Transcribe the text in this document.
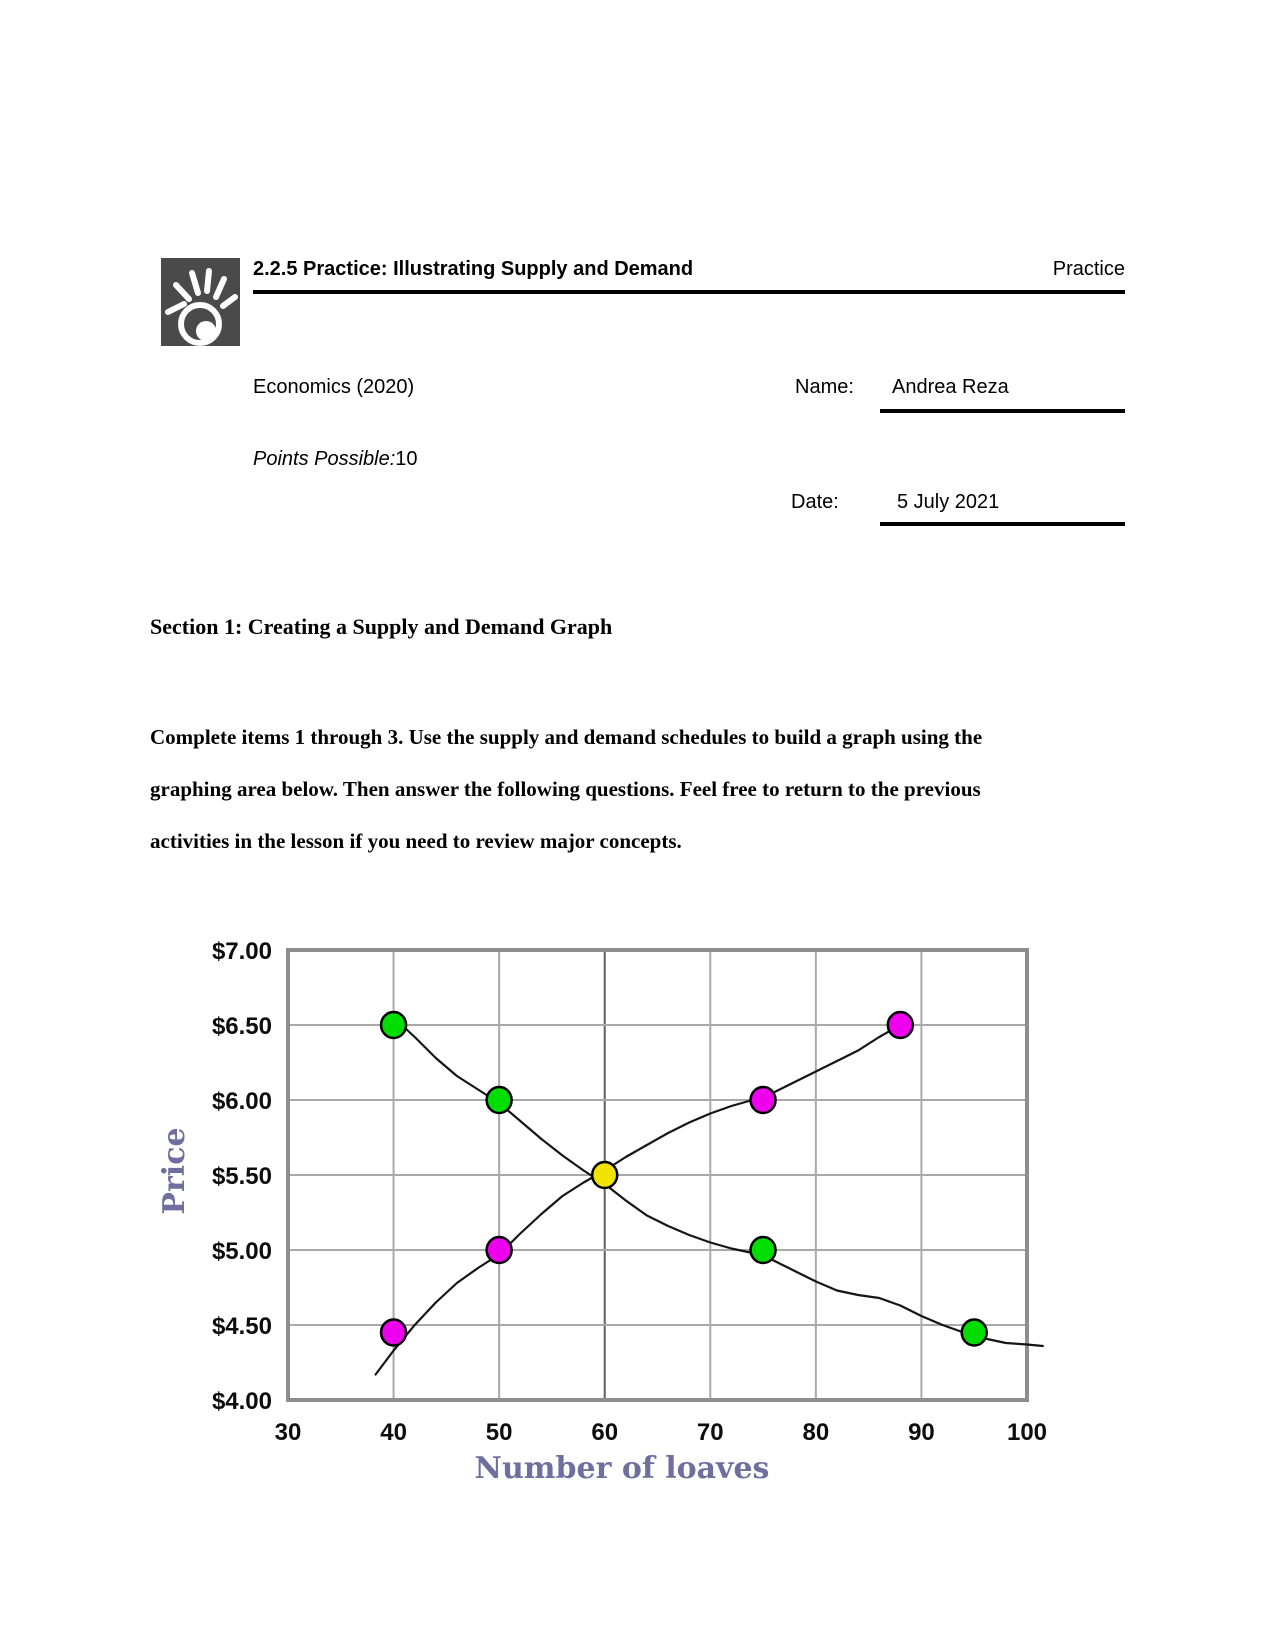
2.2.5 Practice: Illustrating Supply and Demand	Practice
Economics (2020)	Name: Andrea Reza
Points Possible:10
Date:	5 July 2021
Section 1: Creating a Supply and Demand Graph
Complete items 1 through 3. Use the supply and demand schedules to build a graph using the
graphing area below. Then answer the following questions. Feel free to return to the previous
activities in the lesson if you need to review major concepts.
$4.00
$4.50
$5.00
$5.50
$6.00
$6.50
$7.00
30	40	50	60	70	80	90	100
Price
Number of loaves
